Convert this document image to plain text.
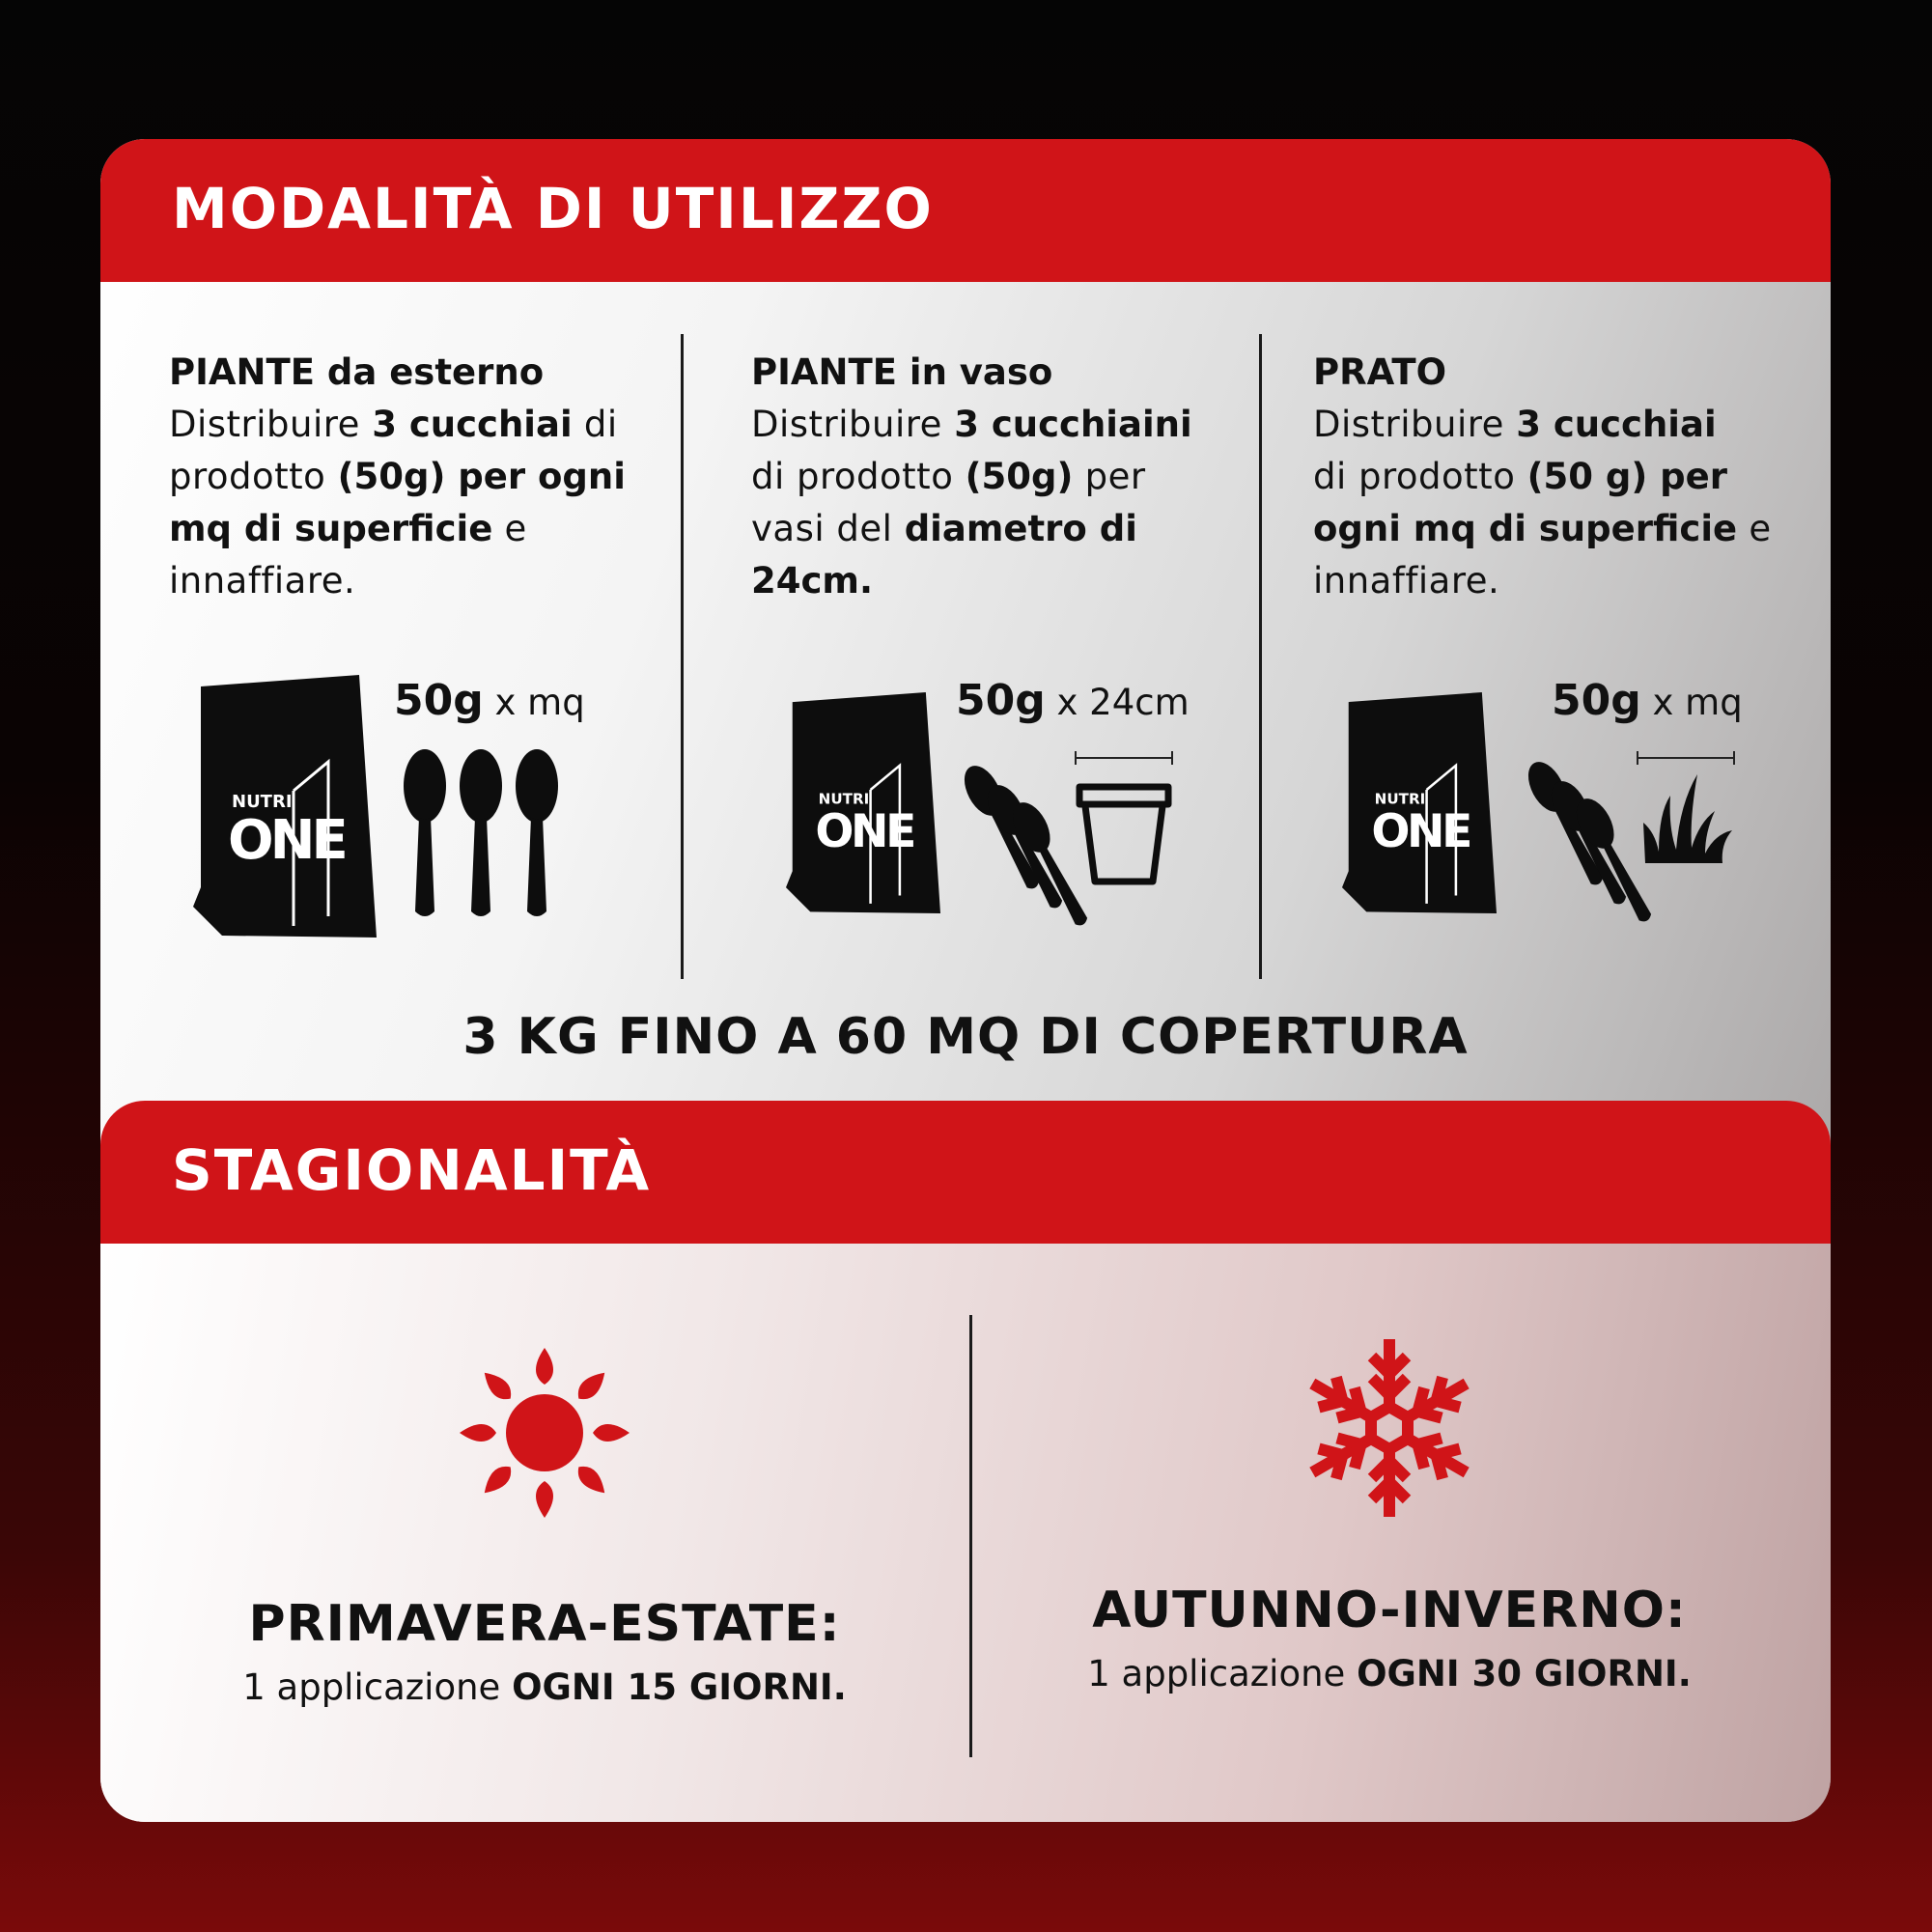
MODALITÀ DI UTILIZZO
PIANTE da esterno
Distribuire 3 cucchiai di
prodotto (50g) per ogni
mq di superficie e
innaffiare.
PIANTE in vaso
Distribuire 3 cucchiaini
di prodotto (50g) per
vasi del diametro di
24cm.
PRATO
Distribuire 3 cucchiai
di prodotto (50 g) per
ogni mq di superficie e
innaffiare.
50g x mq	50g x 24cm	50g x mq
NUTRI
ONE
NUTRI
ONE
NUTRI
ONE
3 KG FINO A 60 MQ DI COPERTURA
STAGIONALITÀ
PRIMAVERA-ESTATE:
1 applicazione OGNI 15 GIORNI.
AUTUNNO-INVERNO:
1 applicazione OGNI 30 GIORNI.
